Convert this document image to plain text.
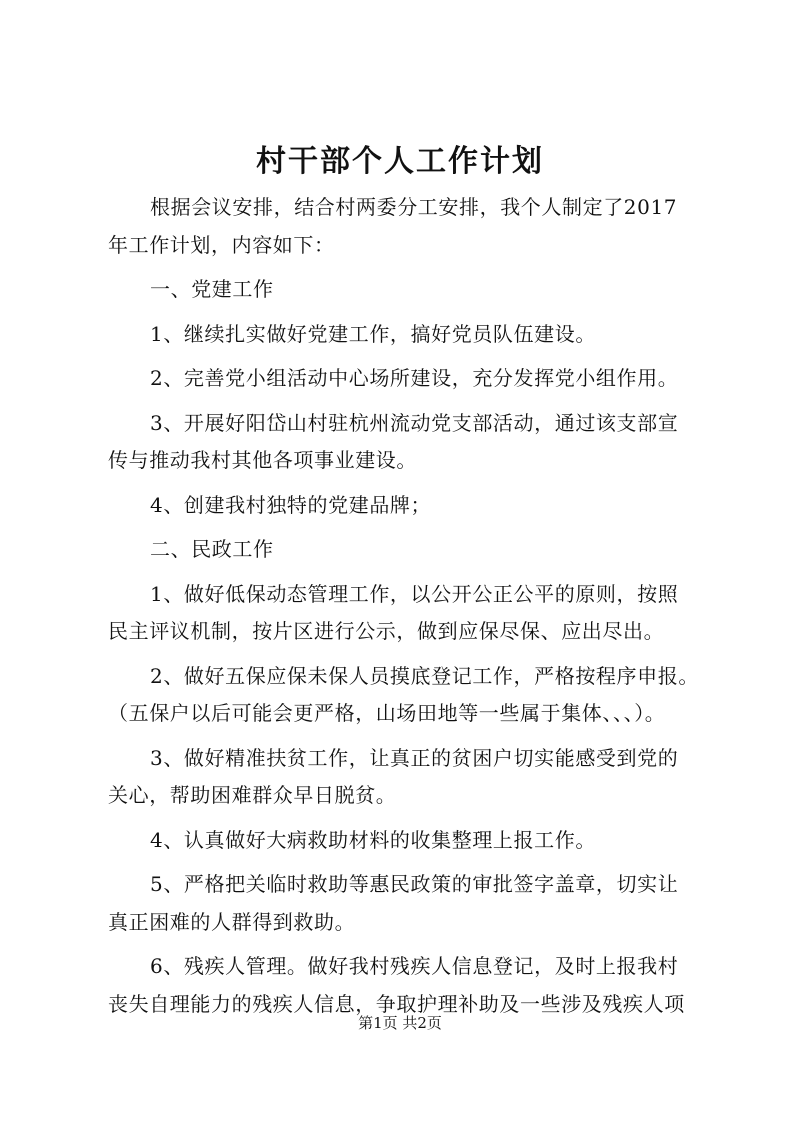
村干部个人工作计划
根据会议安排，结合村两委分工安排，我个人制定了2017
年工作计划，内容如下：
一、党建工作
1、继续扎实做好党建工作，搞好党员队伍建设。
2、完善党小组活动中心场所建设，充分发挥党小组作用。
3、开展好阳岱山村驻杭州流动党支部活动，通过该支部宣
传与推动我村其他各项事业建设。
4、创建我村独特的党建品牌；
二、民政工作
1、做好低保动态管理工作，以公开公正公平的原则，按照
民主评议机制，按片区进行公示，做到应保尽保、应出尽出。
2、做好五保应保未保人员摸底登记工作，严格按程序申报。
（五保户以后可能会更严格，山场田地等一些属于集体、、、）。
3、做好精准扶贫工作，让真正的贫困户切实能感受到党的
关心，帮助困难群众早日脱贫。
4、认真做好大病救助材料的收集整理上报工作。
5、严格把关临时救助等惠民政策的审批签字盖章，切实让
真正困难的人群得到救助。
6、残疾人管理。做好我村残疾人信息登记，及时上报我村
丧失自理能力的残疾人信息，争取护理补助及一些涉及残疾人项
第1页 共2页
